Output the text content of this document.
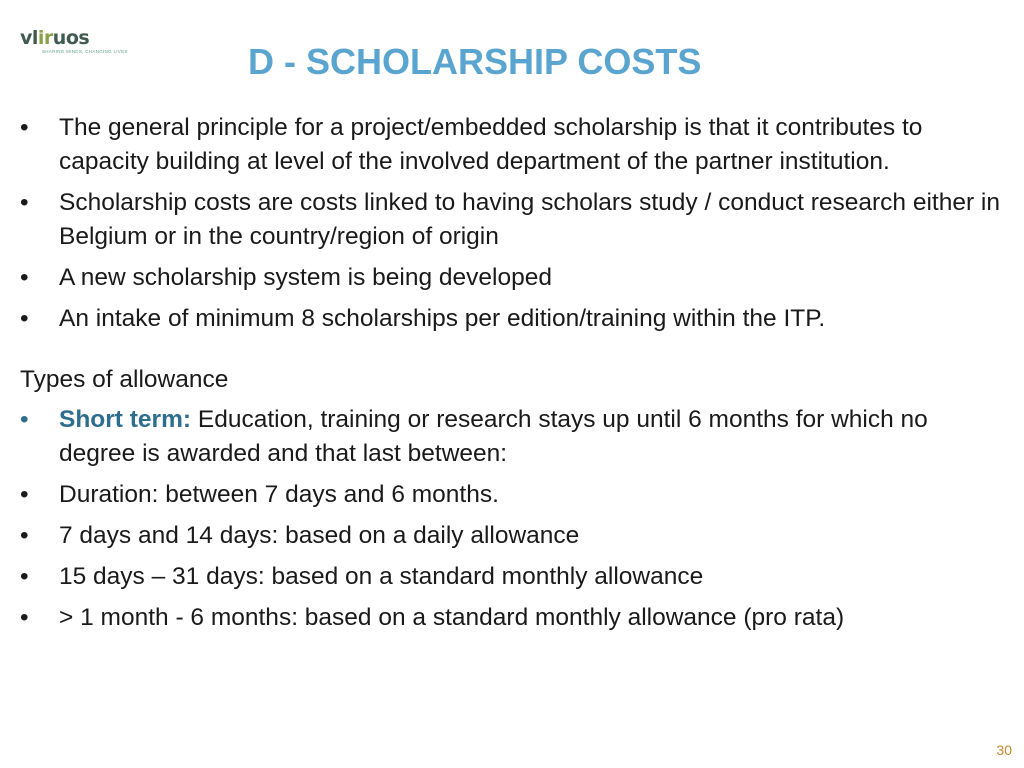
vliruos
SHARING MINDS, CHANGING LIVES	D - SCHOLARSHIP COSTS
•	The general principle for a project/embedded scholarship is that it contributes to capacity building at level of the involved department of the partner institution.
•	Scholarship costs are costs linked to having scholars study / conduct research either in Belgium or in the country/region of origin
•	A new scholarship system is being developed
•	An intake of minimum 8 scholarships per edition/training within the ITP.
Types of allowance
•	Short term: Education, training or research stays up until 6 months for which no degree is awarded and that last between:
•	Duration: between 7 days and 6 months.
•	7 days and 14 days: based on a daily allowance
•	15 days – 31 days: based on a standard monthly allowance
•	> 1 month - 6 months: based on a standard monthly allowance (pro rata)
30
